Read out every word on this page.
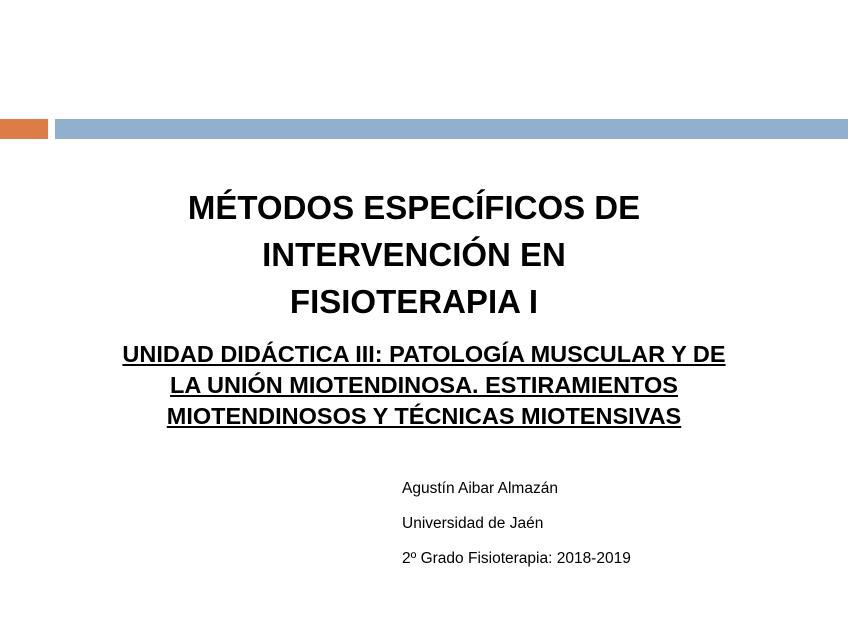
MÉTODOS ESPECÍFICOS DE
INTERVENCIÓN EN
FISIOTERAPIA I
UNIDAD DIDÁCTICA III: PATOLOGÍA MUSCULAR Y DE
LA UNIÓN MIOTENDINOSA. ESTIRAMIENTOS
MIOTENDINOSOS Y TÉCNICAS MIOTENSIVAS
Agustín Aibar Almazán
Universidad de Jaén
2º Grado Fisioterapia: 2018-2019
